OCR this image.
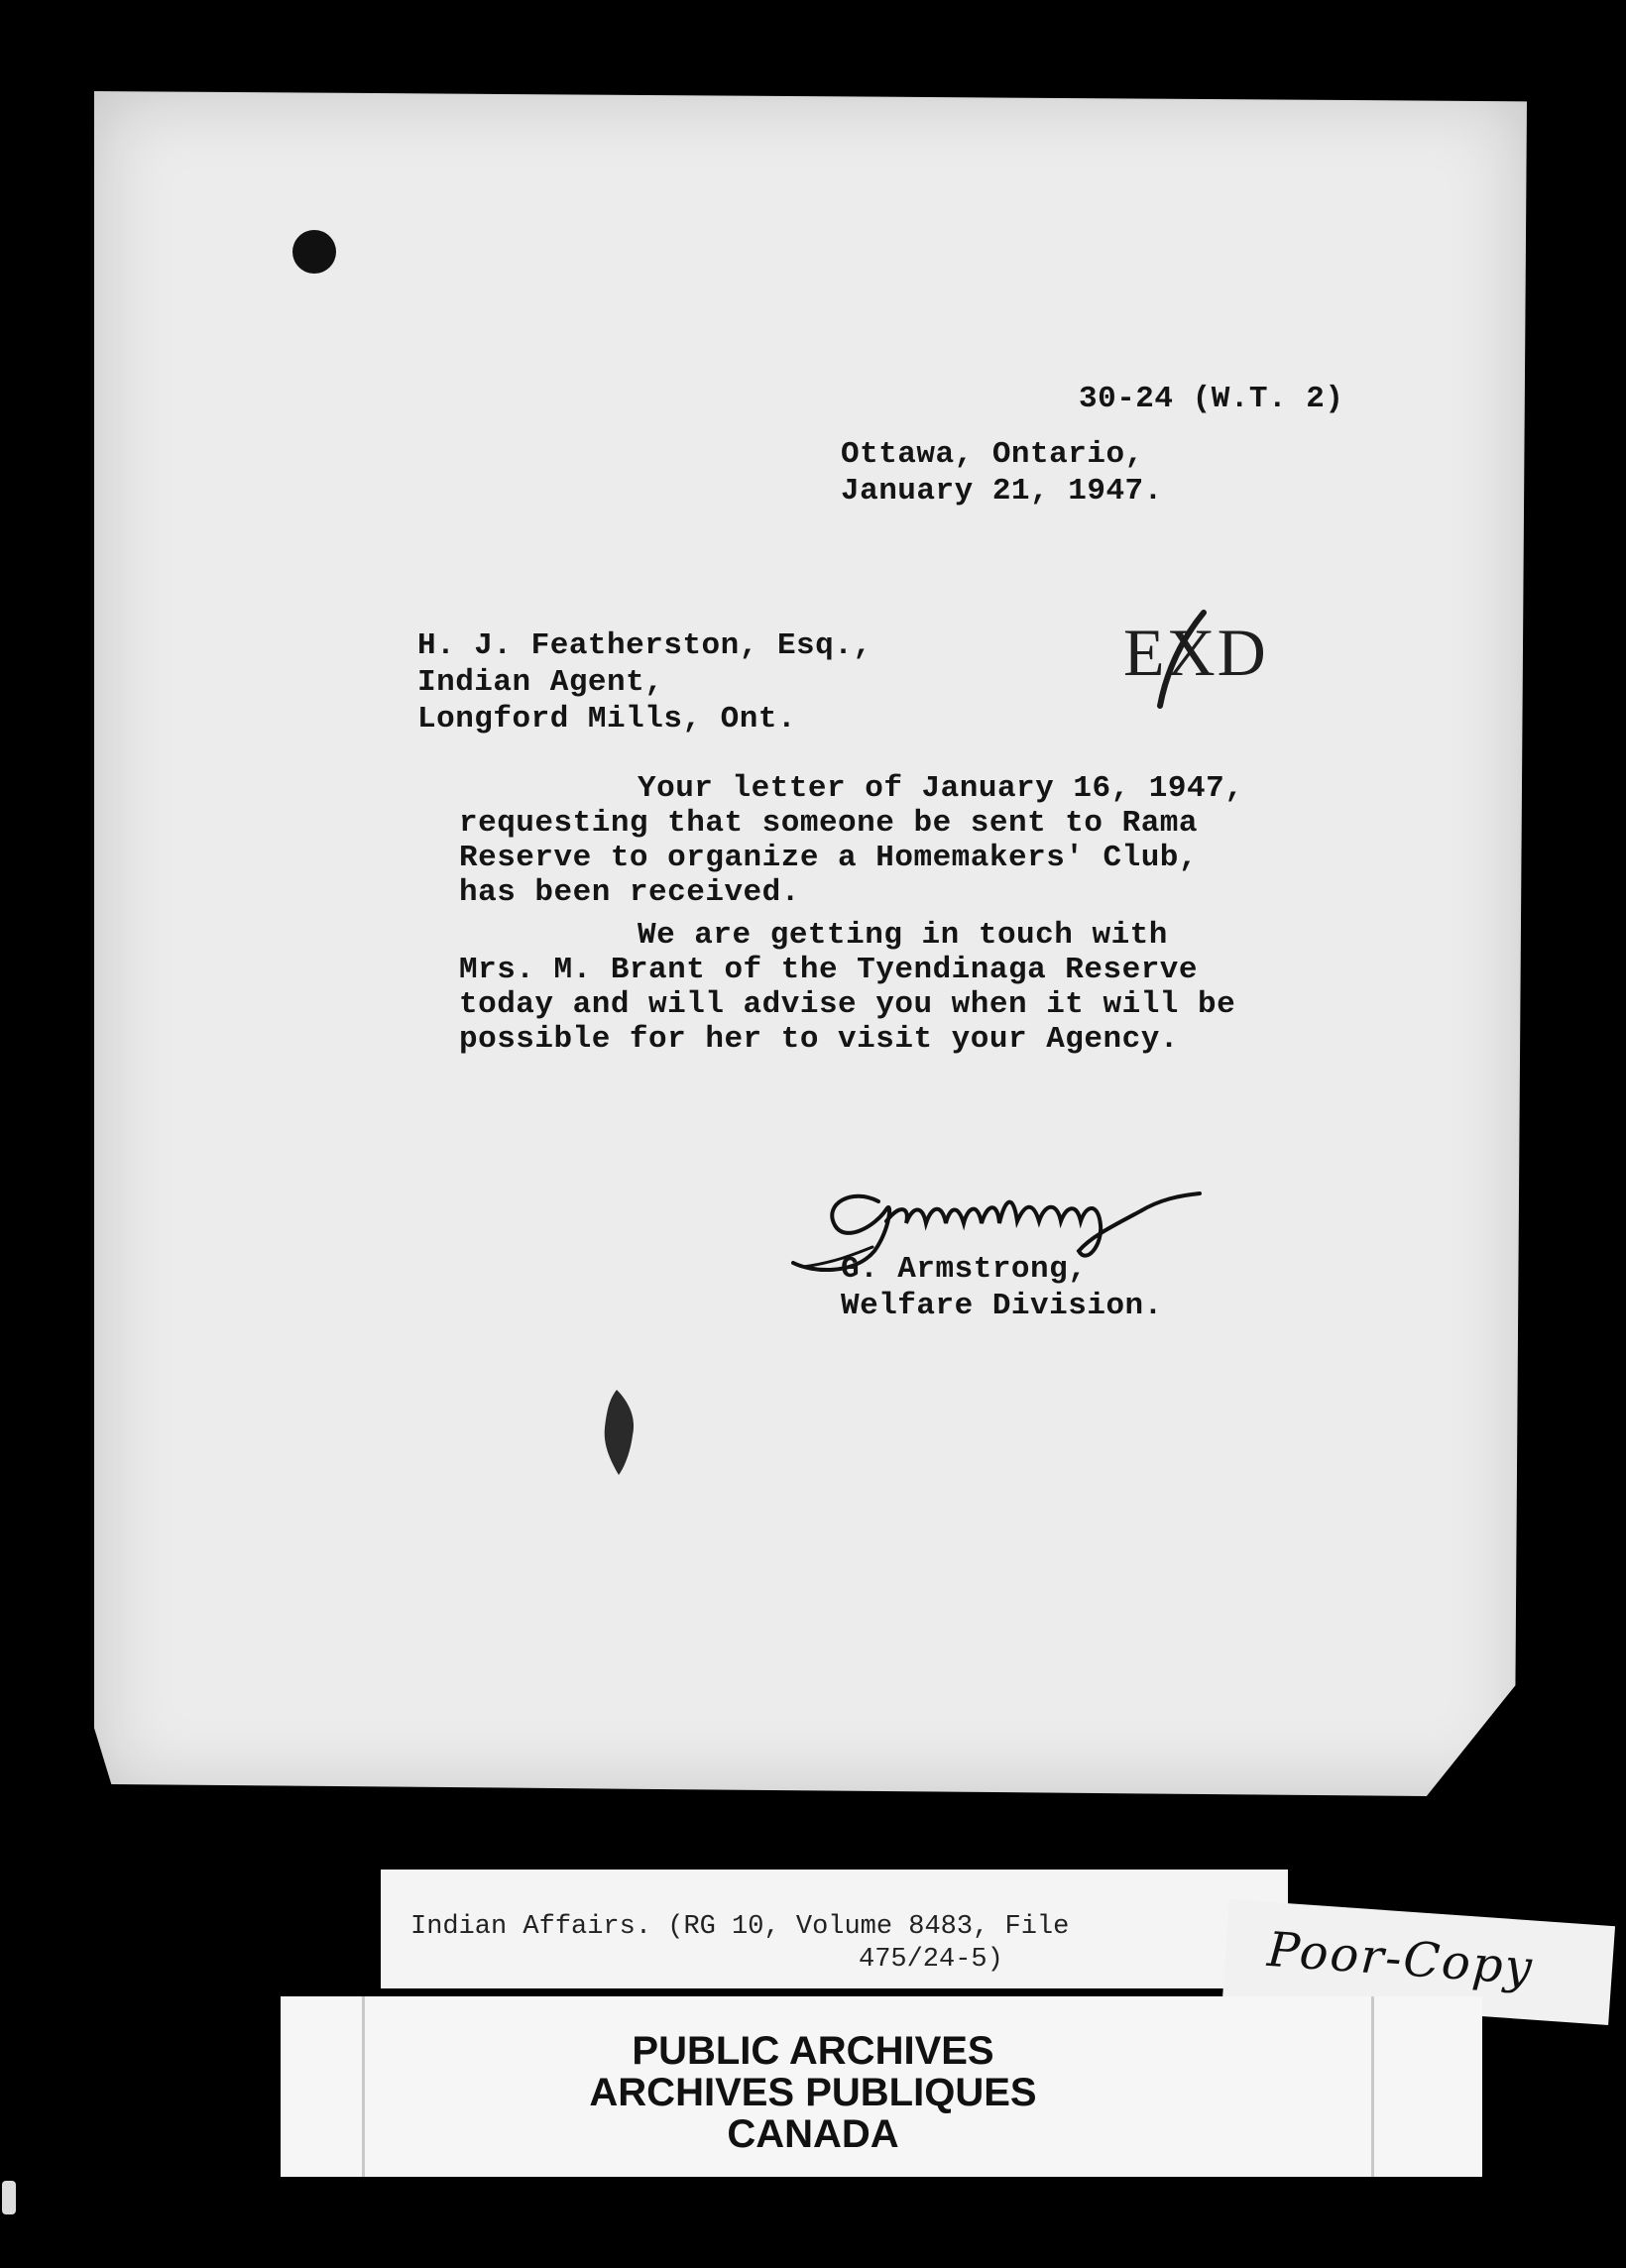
30-24 (W.T. 2)

Ottawa, Ontario,
January 21, 1947.

H. J. Featherston, Esq.,
Indian Agent,
Longford Mills, Ont.

EXD

Your letter of January 16, 1947,
requesting that someone be sent to Rama
Reserve to organize a Homemakers' Club,
has been received.

We are getting in touch with
Mrs. M. Brant of the Tyendinaga Reserve
today and will advise you when it will be
possible for her to visit your Agency.

G. Armstrong,
Welfare Division.

Indian Affairs. (RG 10, Volume 8483, File
475/24-5)	Poor-Copy

PUBLIC ARCHIVES
ARCHIVES PUBLIQUES
CANADA
